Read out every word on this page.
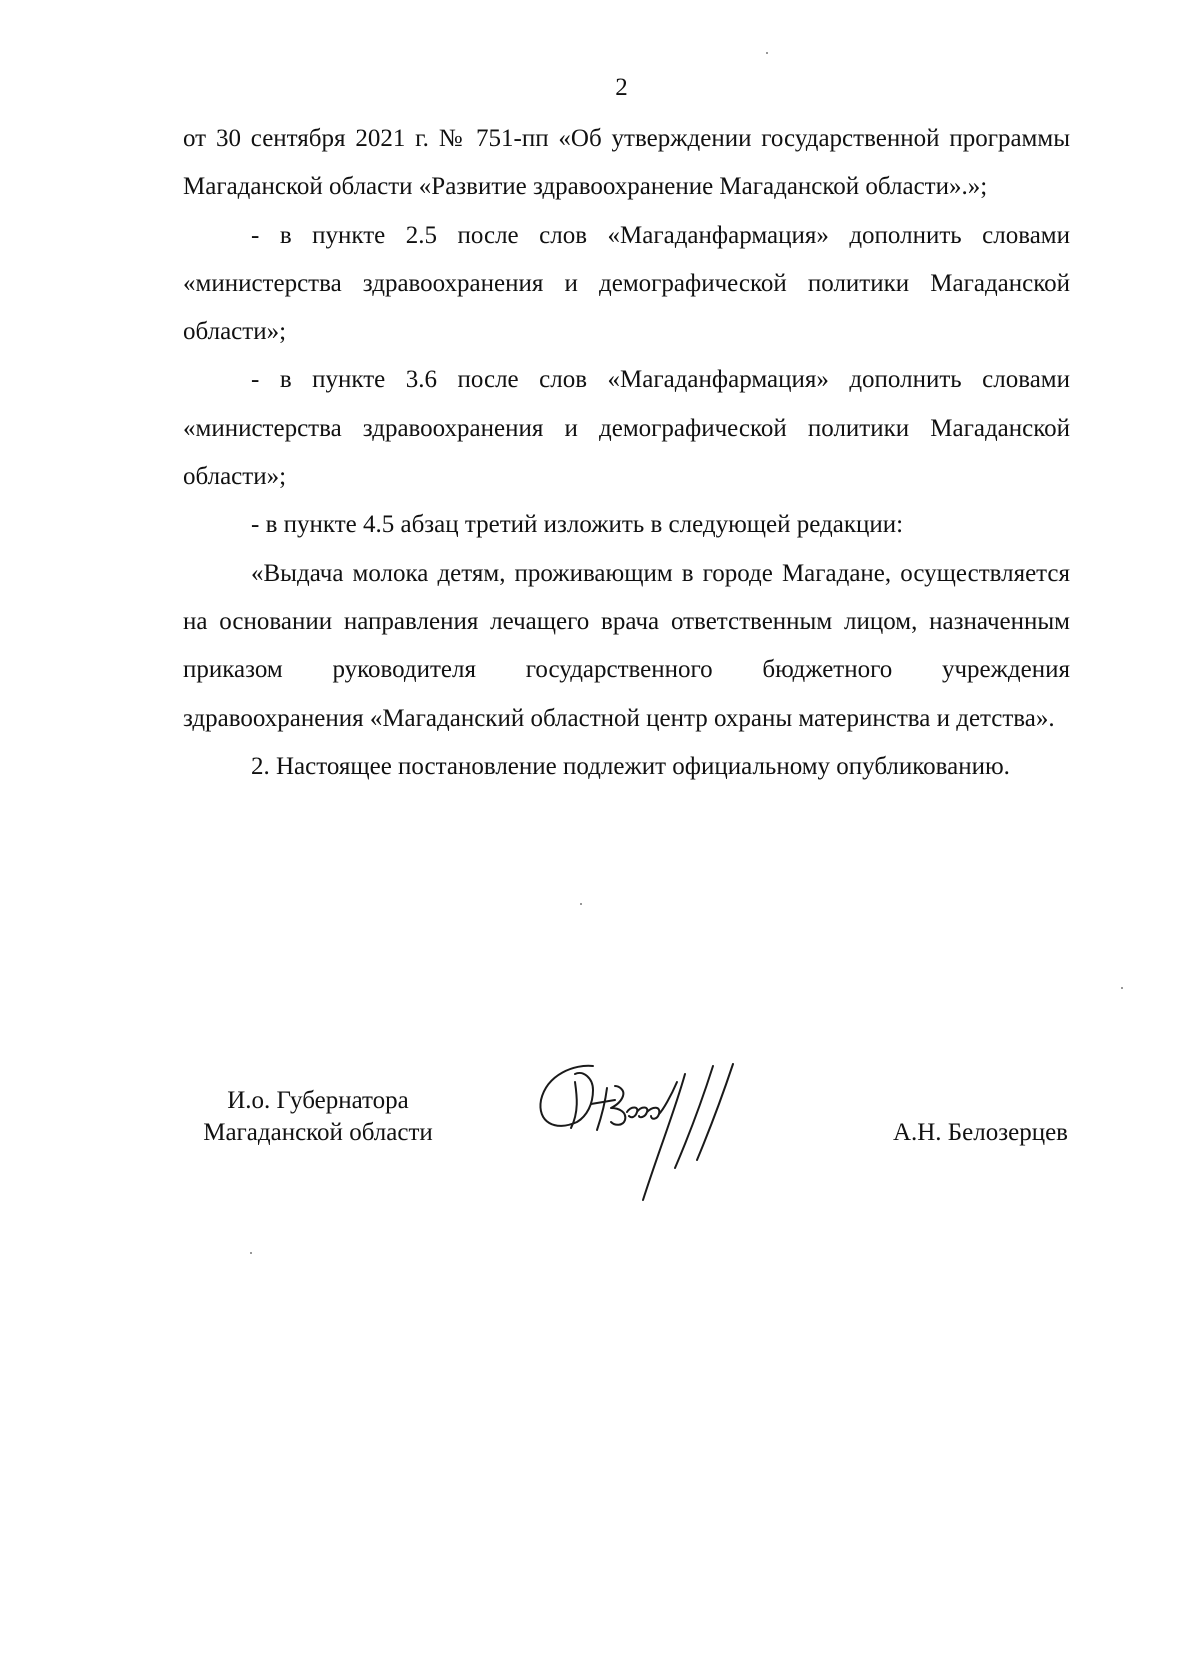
2

от 30 сентября 2021 г. № 751-пп «Об утверждении государственной программы Магаданской области «Развитие здравоохранение Магаданской области».»;

- в пункте 2.5 после слов «Магаданфармация» дополнить словами «министерства здравоохранения и демографической политики Магаданской области»;

- в пункте 3.6 после слов «Магаданфармация» дополнить словами «министерства здравоохранения и демографической политики Магаданской области»;

- в пункте 4.5 абзац третий изложить в следующей редакции:

«Выдача молока детям, проживающим в городе Магадане, осуществляется на основании направления лечащего врача ответственным лицом, назначенным приказом руководителя государственного бюджетного учреждения здравоохранения «Магаданский областной центр охраны материнства и детства».

2. Настоящее постановление подлежит официальному опубликованию.

И.о. Губернатора
Магаданской области	А.Н. Белозерцев
